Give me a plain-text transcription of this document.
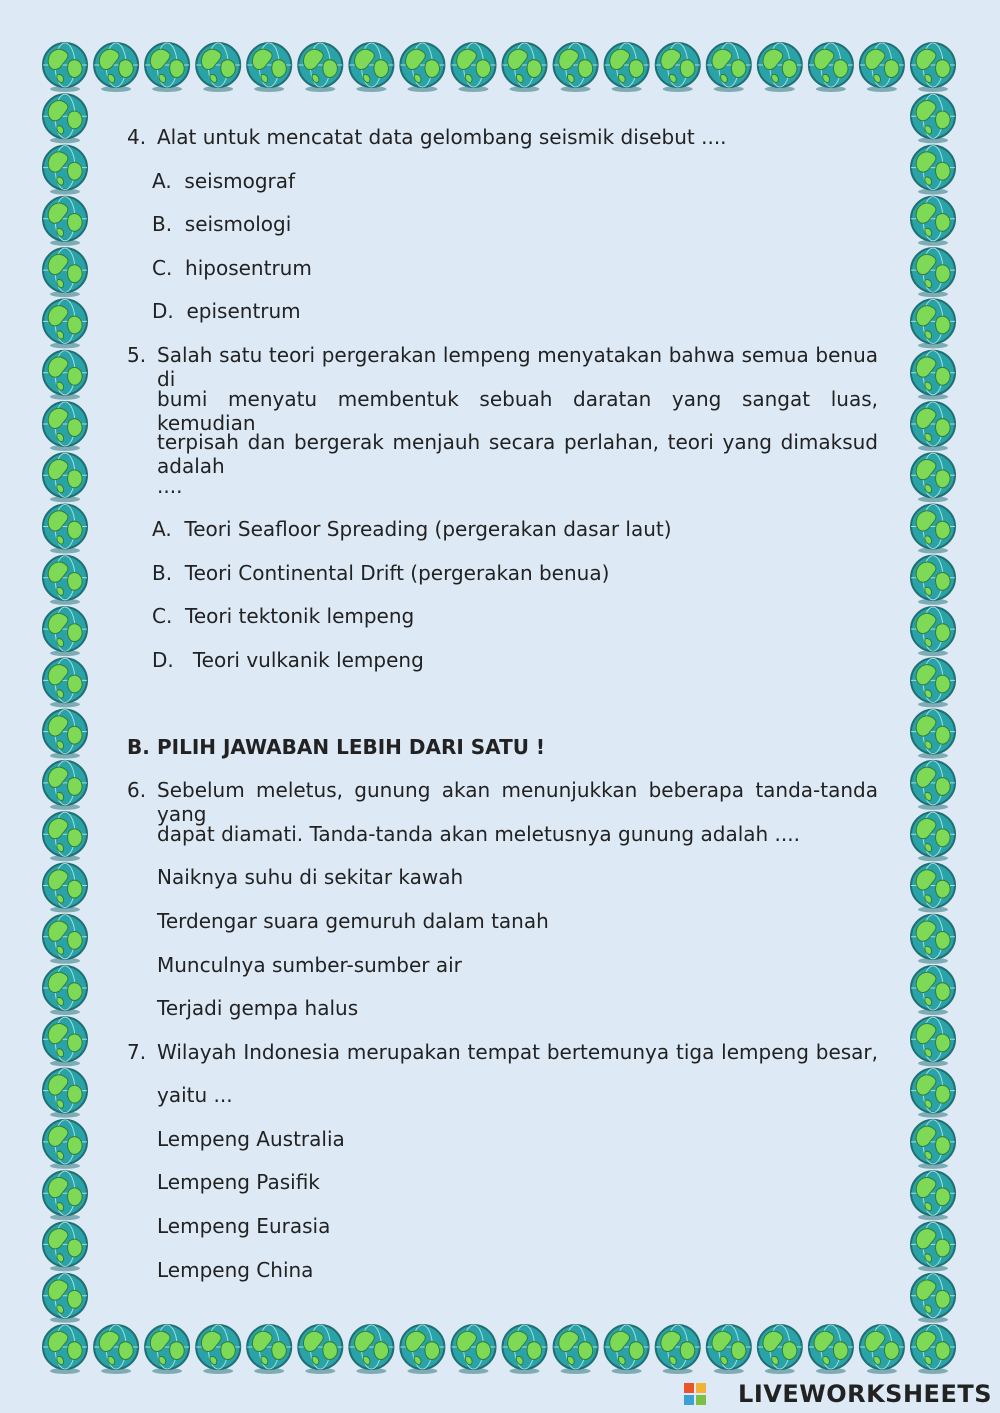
4. Alat untuk mencatat data gelombang seismik disebut ....
A. seismograf
B. seismologi
C. hiposentrum
D. episentrum
5. Salah satu teori pergerakan lempeng menyatakan bahwa semua benua di
bumi menyatu membentuk sebuah daratan yang sangat luas, kemudian
terpisah dan bergerak menjauh secara perlahan, teori yang dimaksud adalah
....
A. Teori Seafloor Spreading (pergerakan dasar laut)
B. Teori Continental Drift (pergerakan benua)
C. Teori tektonik lempeng
D.   Teori vulkanik lempeng
B. PILIH JAWABAN LEBIH DARI SATU !
6. Sebelum meletus, gunung akan menunjukkan beberapa tanda-tanda yang
dapat diamati. Tanda-tanda akan meletusnya gunung adalah ....
Naiknya suhu di sekitar kawah
Terdengar suara gemuruh dalam tanah
Munculnya sumber-sumber air
Terjadi gempa halus
7. Wilayah Indonesia merupakan tempat bertemunya tiga lempeng besar,
yaitu ...
Lempeng Australia
Lempeng Pasifik
Lempeng Eurasia
Lempeng China
LIVEWORKSHEETS
